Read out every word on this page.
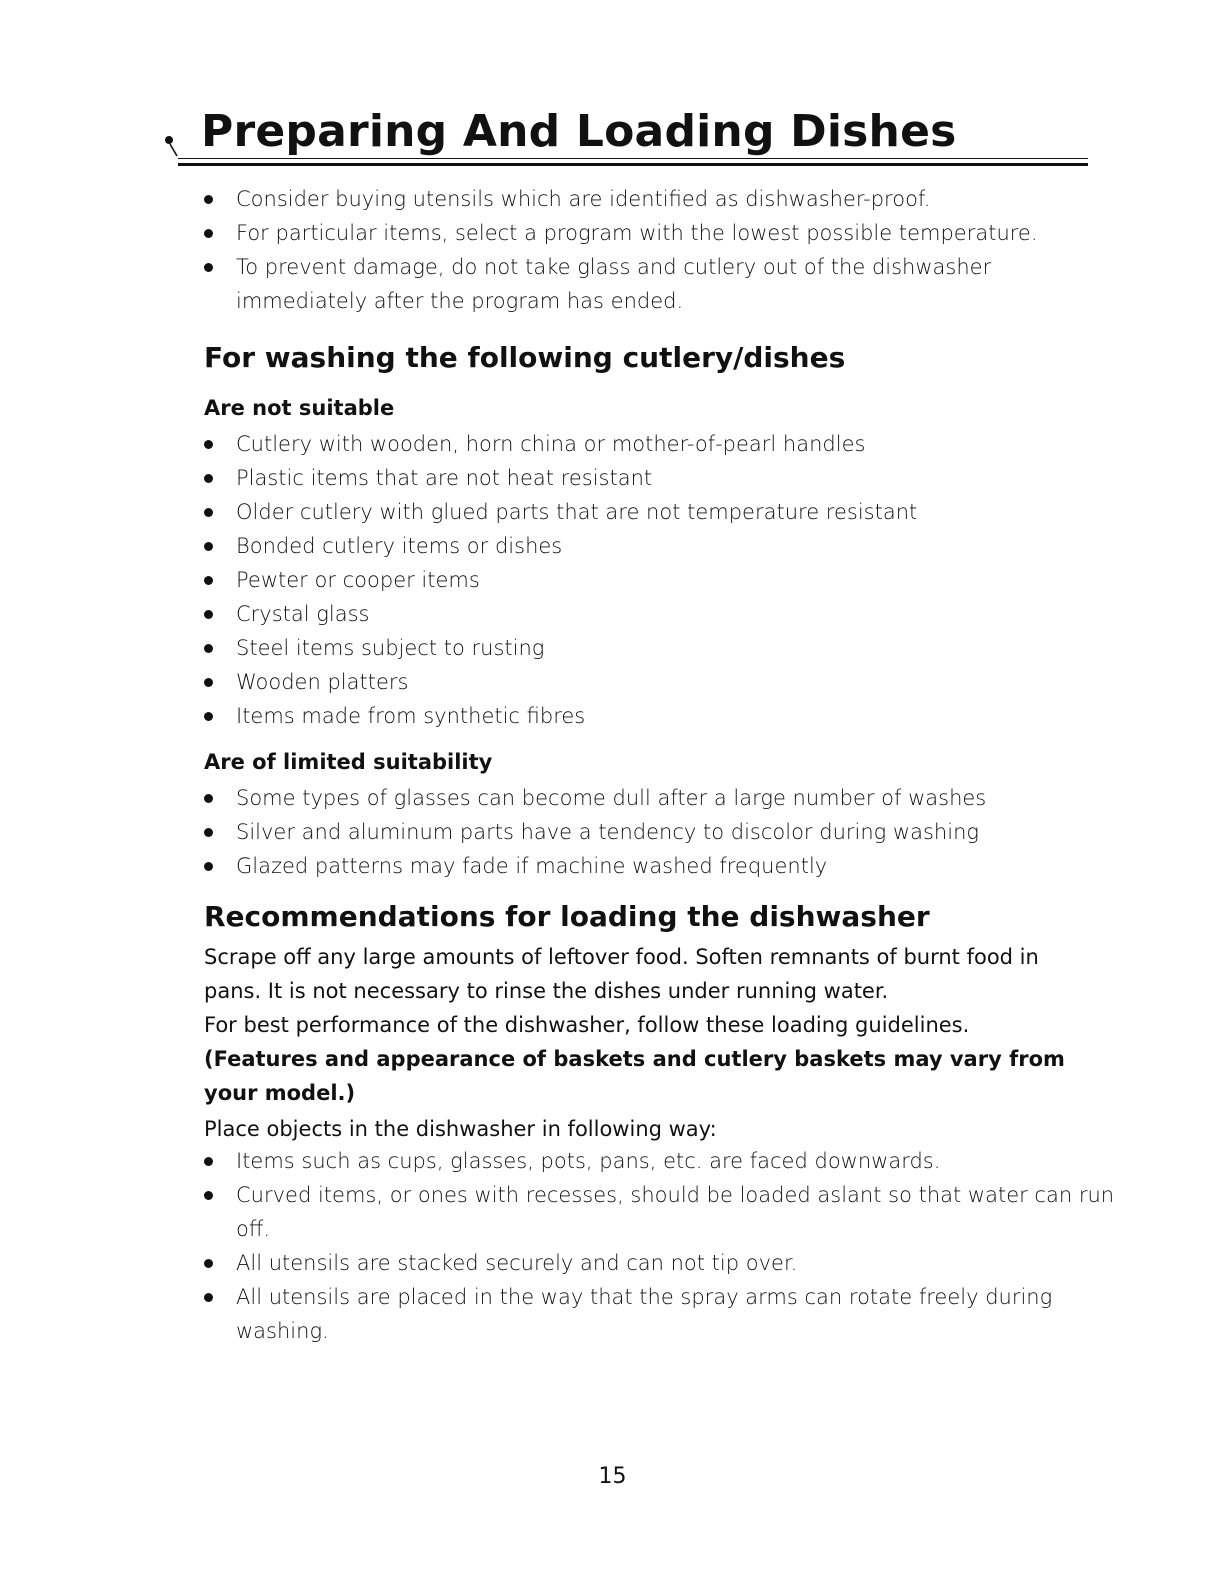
Preparing And Loading Dishes
Consider buying utensils which are identified as dishwasher-proof.
For particular items, select a program with the lowest possible temperature.
To prevent damage, do not take glass and cutlery out of the dishwasher
immediately after the program has ended.
For washing the following cutlery/dishes
Are not suitable
Cutlery with wooden, horn china or mother-of-pearl handles
Plastic items that are not heat resistant
Older cutlery with glued parts that are not temperature resistant
Bonded cutlery items or dishes
Pewter or cooper items
Crystal glass
Steel items subject to rusting
Wooden platters
Items made from synthetic fibres
Are of limited suitability
Some types of glasses can become dull after a large number of washes
Silver and aluminum parts have a tendency to discolor during washing
Glazed patterns may fade if machine washed frequently
Recommendations for loading the dishwasher

Scrape off any large amounts of leftover food. Soften remnants of burnt food in

pans. It is not necessary to rinse the dishes under running water.

For best performance of the dishwasher, follow these loading guidelines.

(Features and appearance of baskets and cutlery baskets may vary from

your model.)

Place objects in the dishwasher in following way:

Items such as cups, glasses, pots, pans, etc. are faced downwards.
Curved items, or ones with recesses, should be loaded aslant so that water can run
off.
All utensils are stacked securely and can not tip over.
All utensils are placed in the way that the spray arms can rotate freely during
washing.
15
